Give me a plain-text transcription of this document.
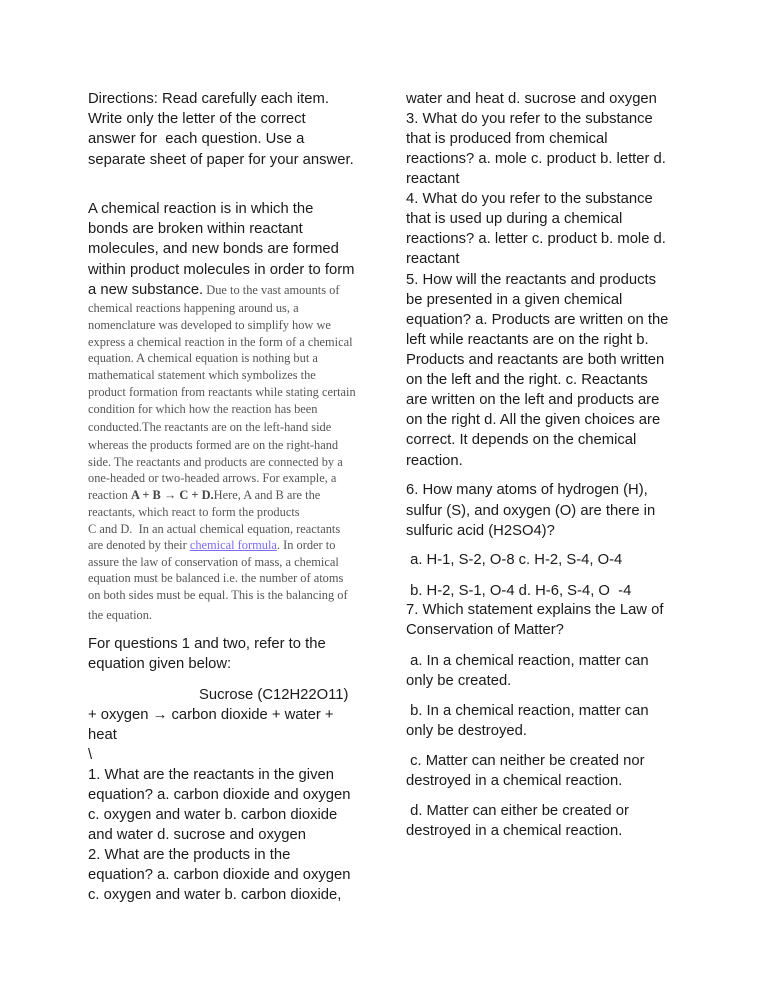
Directions: Read carefully each item.
Write only the letter of the correct
answer for  each question. Use a
separate sheet of paper for your answer.
A chemical reaction is in which the
bonds are broken within reactant
molecules, and new bonds are formed
within product molecules in order to form
a new substance. Due to the vast amounts of
chemical reactions happening around us, a
nomenclature was developed to simplify how we
express a chemical reaction in the form of a chemical
equation. A chemical equation is nothing but a
mathematical statement which symbolizes the
product formation from reactants while stating certain
condition for which how the reaction has been
conducted.The reactants are on the left-hand side
whereas the products formed are on the right-hand
side. The reactants and products are connected by a
one-headed or two-headed arrows. For example, a
reaction A + B → C + D.Here, A and B are the
reactants, which react to form the products
C and D.  In an actual chemical equation, reactants
are denoted by their chemical formula. In order to
assure the law of conservation of mass, a chemical
equation must be balanced i.e. the number of atoms
on both sides must be equal. This is the balancing of
the equation.
For questions 1 and two, refer to the
equation given below:
Sucrose (C12H22O11)
+ oxygen → carbon dioxide + water +
heat
\
1. What are the reactants in the given
equation? a. carbon dioxide and oxygen
c. oxygen and water b. carbon dioxide
and water d. sucrose and oxygen
2. What are the products in the
equation? a. carbon dioxide and oxygen
c. oxygen and water b. carbon dioxide,
water and heat d. sucrose and oxygen
3. What do you refer to the substance
that is produced from chemical
reactions? a. mole c. product b. letter d.
reactant
4. What do you refer to the substance
that is used up during a chemical
reactions? a. letter c. product b. mole d.
reactant
5. How will the reactants and products
be presented in a given chemical
equation? a. Products are written on the
left while reactants are on the right b.
Products and reactants are both written
on the left and the right. c. Reactants
are written on the left and products are
on the right d. All the given choices are
correct. It depends on the chemical
reaction.
6. How many atoms of hydrogen (H),
sulfur (S), and oxygen (O) are there in
sulfuric acid (H2SO4)?
a. H-1, S-2, O-8 c. H-2, S-4, O-4
b. H-2, S-1, O-4 d. H-6, S-4, O  -4
7. Which statement explains the Law of
Conservation of Matter?
a. In a chemical reaction, matter can
only be created.
b. In a chemical reaction, matter can
only be destroyed.
c. Matter can neither be created nor
destroyed in a chemical reaction.
d. Matter can either be created or
destroyed in a chemical reaction.
